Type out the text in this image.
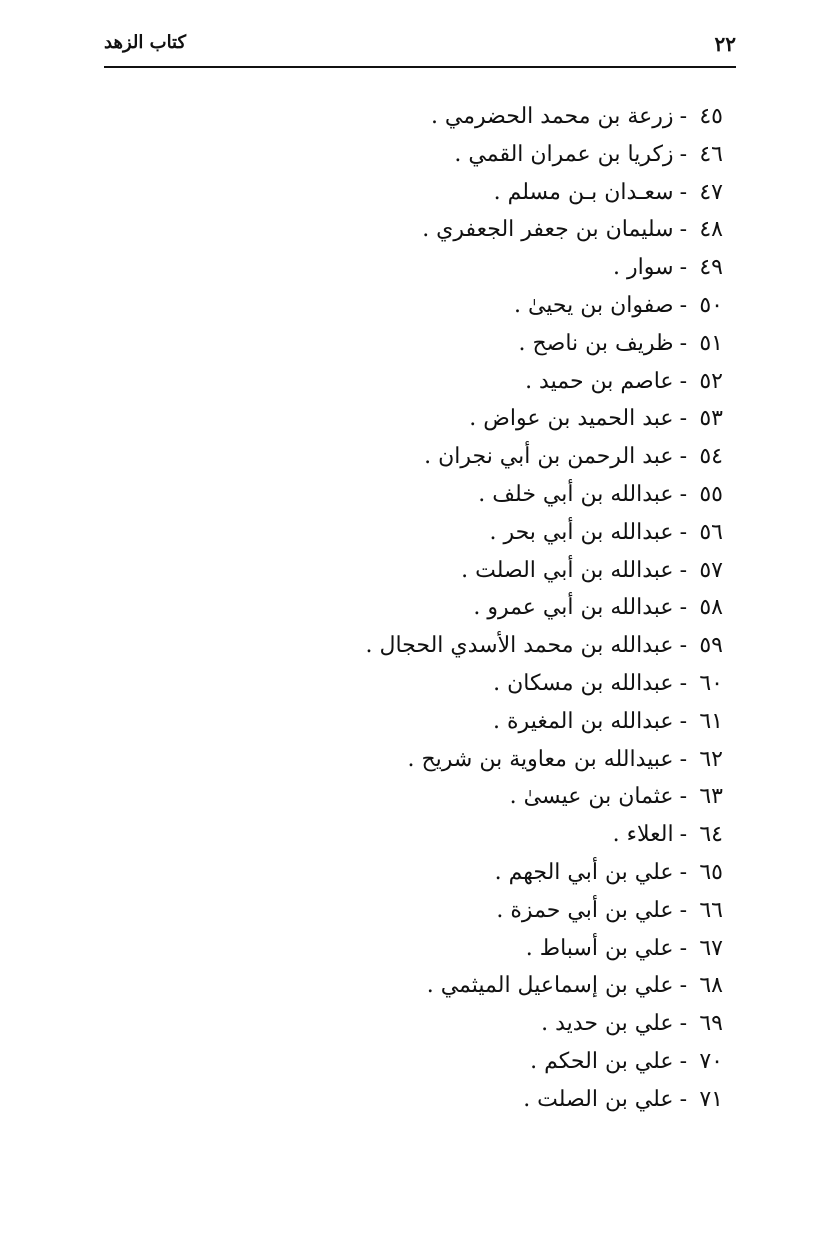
٢٢
كتاب الزهد
٤٥-زرعة بن محمد الحضرمي .
٤٦-زكريا بن عمران القمي .
٤٧-سعـدان بـن مسلم .
٤٨-سليمان بن جعفر الجعفري .
٤٩-سوار .
٥٠-صفوان بن يحيىٰ .
٥١-ظريف بن ناصح .
٥٢-عاصم بن حميد .
٥٣-عبد الحميد بن عواض .
٥٤-عبد الرحمن بن أبي نجران .
٥٥-عبدالله بن أبي خلف .
٥٦-عبدالله بن أبي بحر .
٥٧-عبدالله بن أبي الصلت .
٥٨-عبدالله بن أبي عمرو .
٥٩-عبدالله بن محمد الأسدي الحجال .
٦٠-عبدالله بن مسكان .
٦١-عبدالله بن المغيرة .
٦٢-عبيدالله بن معاوية بن شريح .
٦٣-عثمان بن عيسىٰ .
٦٤-العلاء .
٦٥-علي بن أبي الجهم .
٦٦-علي بن أبي حمزة .
٦٧-علي بن أسباط .
٦٨-علي بن إسماعيل الميثمي .
٦٩-علي بن حديد .
٧٠-علي بن الحكم .
٧١-علي بن الصلت .
